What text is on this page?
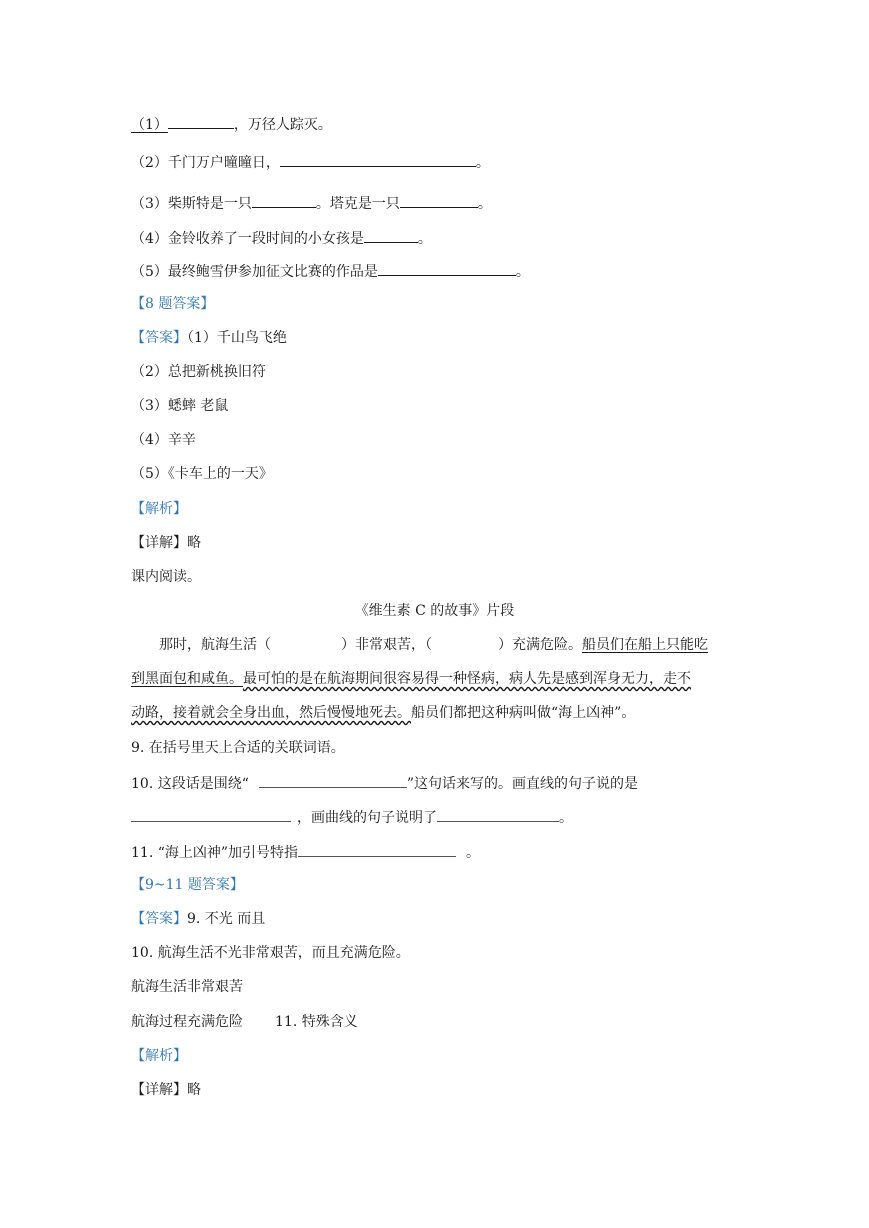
（1）	，万径人踪灭。
（2）千门万户曈曈日，	。
（3）柴斯特是一只	。塔克是一只	。
（4）金铃收养了一段时间的小女孩是	。
（5）最终鲍雪伊参加征文比赛的作品是	。
【8 题答案】
【答案】（1）千山鸟飞绝
（2）总把新桃换旧符
（3）蟋蟀 老鼠
（4）辛辛
（5）《卡车上的一天》
【解析】
【详解】略
课内阅读。
《维生素 C 的故事》片段
那时，航海生活（	）非常艰苦，（	）充满危险。船员们在船上只能吃
到黑面包和咸鱼。最可怕的是在航海期间很容易得一种怪病，病人先是感到浑身无力，走不
动路，接着就会全身出血，然后慢慢地死去。船员们都把这种病叫做“海上凶神”。
9. 在括号里天上合适的关联词语。
10. 这段话是围绕“	”这句话来写的。画直线的句子说的是
，画曲线的句子说明了	。
11. “海上凶神”加引号特指	。
【9~11 题答案】
【答案】9. 不光 而且
10. 航海生活不光非常艰苦，而且充满危险。
航海生活非常艰苦
航海过程充满危险 11. 特殊含义
【解析】
【详解】略
